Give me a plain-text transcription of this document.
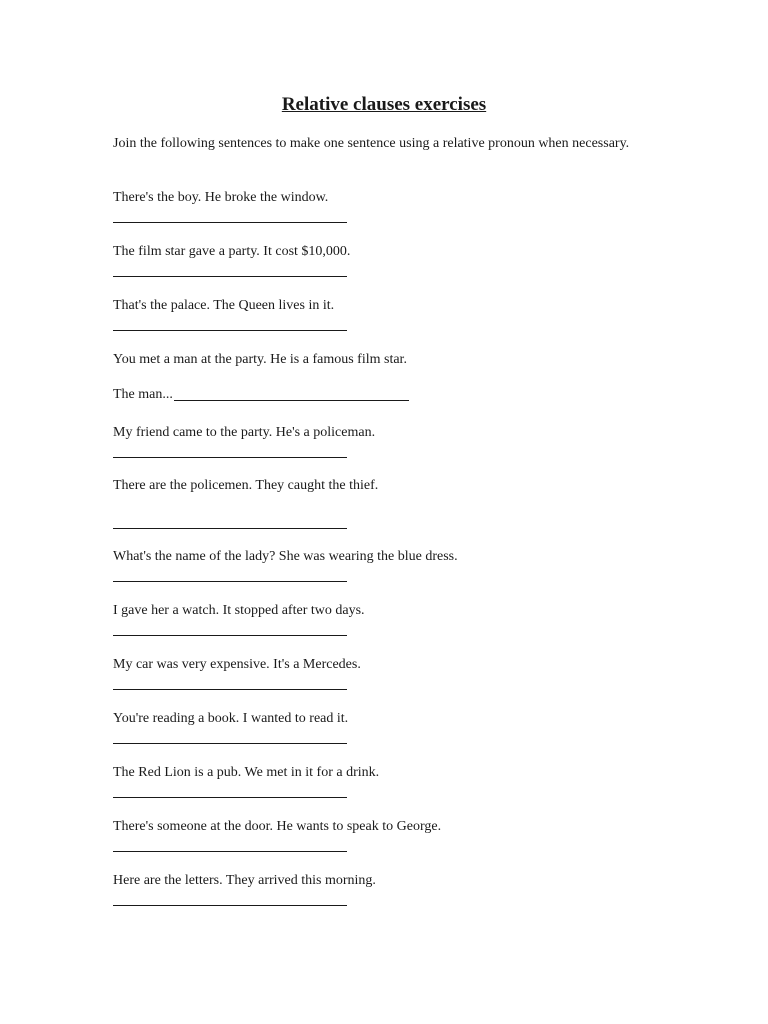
Relative clauses exercises
Join the following sentences to make one sentence using a relative pronoun when necessary.
There's the boy. He broke the window.
The film star gave a party. It cost $10,000.
That's the palace. The Queen lives in it.
You met a man at the party. He is a famous film star.
The man...
My friend came to the party. He's a policeman.
There are the policemen. They caught the thief.
What's the name of the lady? She was wearing the blue dress.
I gave her a watch. It stopped after two days.
My car was very expensive. It's a Mercedes.
You're reading a book. I wanted to read it.
The Red Lion is a pub. We met in it for a drink.
There's someone at the door. He wants to speak to George.
Here are the letters. They arrived this morning.
